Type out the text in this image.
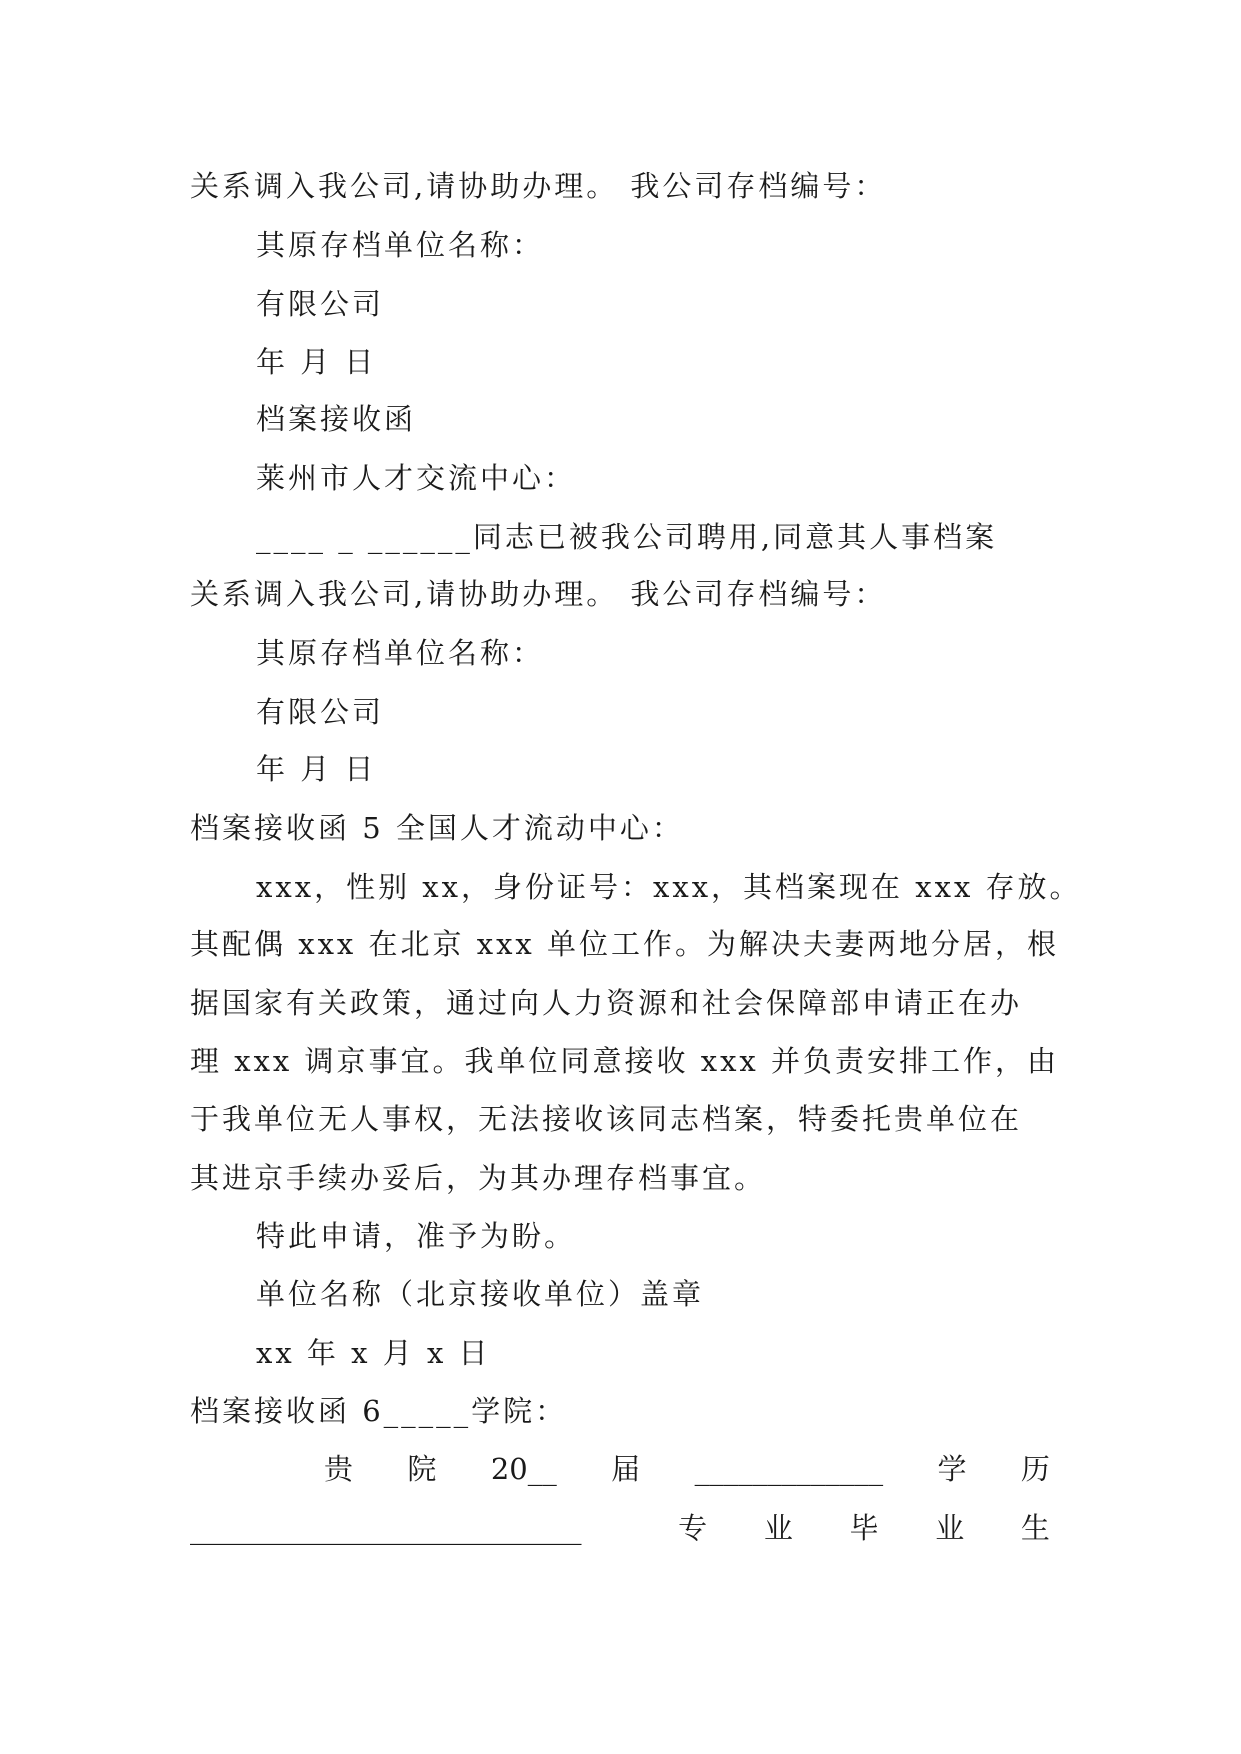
关系调入我公司,请协助办理。 我公司存档编号：
其原存档单位名称：
有限公司
年 月 日
档案接收函
莱州市人才交流中心：
____ _ ______同志已被我公司聘用,同意其人事档案
关系调入我公司,请协助办理。 我公司存档编号：
其原存档单位名称：
有限公司
年 月 日
档案接收函 5 全国人才流动中心：
xxx，性别 xx，身份证号：xxx，其档案现在 xxx 存放。
其配偶 xxx 在北京 xxx 单位工作。为解决夫妻两地分居，根
据国家有关政策，通过向人力资源和社会保障部申请正在办
理 xxx 调京事宜。我单位同意接收 xxx 并负责安排工作，由
于我单位无人事权，无法接收该同志档案，特委托贵单位在
其进京手续办妥后，为其办理存档事宜。
特此申请，准予为盼。
单位名称（北京接收单位）盖章
xx 年 x 月 x 日
档案接收函 6_____学院：
贵 院 20__ 届 _____________ 学 历
___________________________	专 业 毕 业 生
